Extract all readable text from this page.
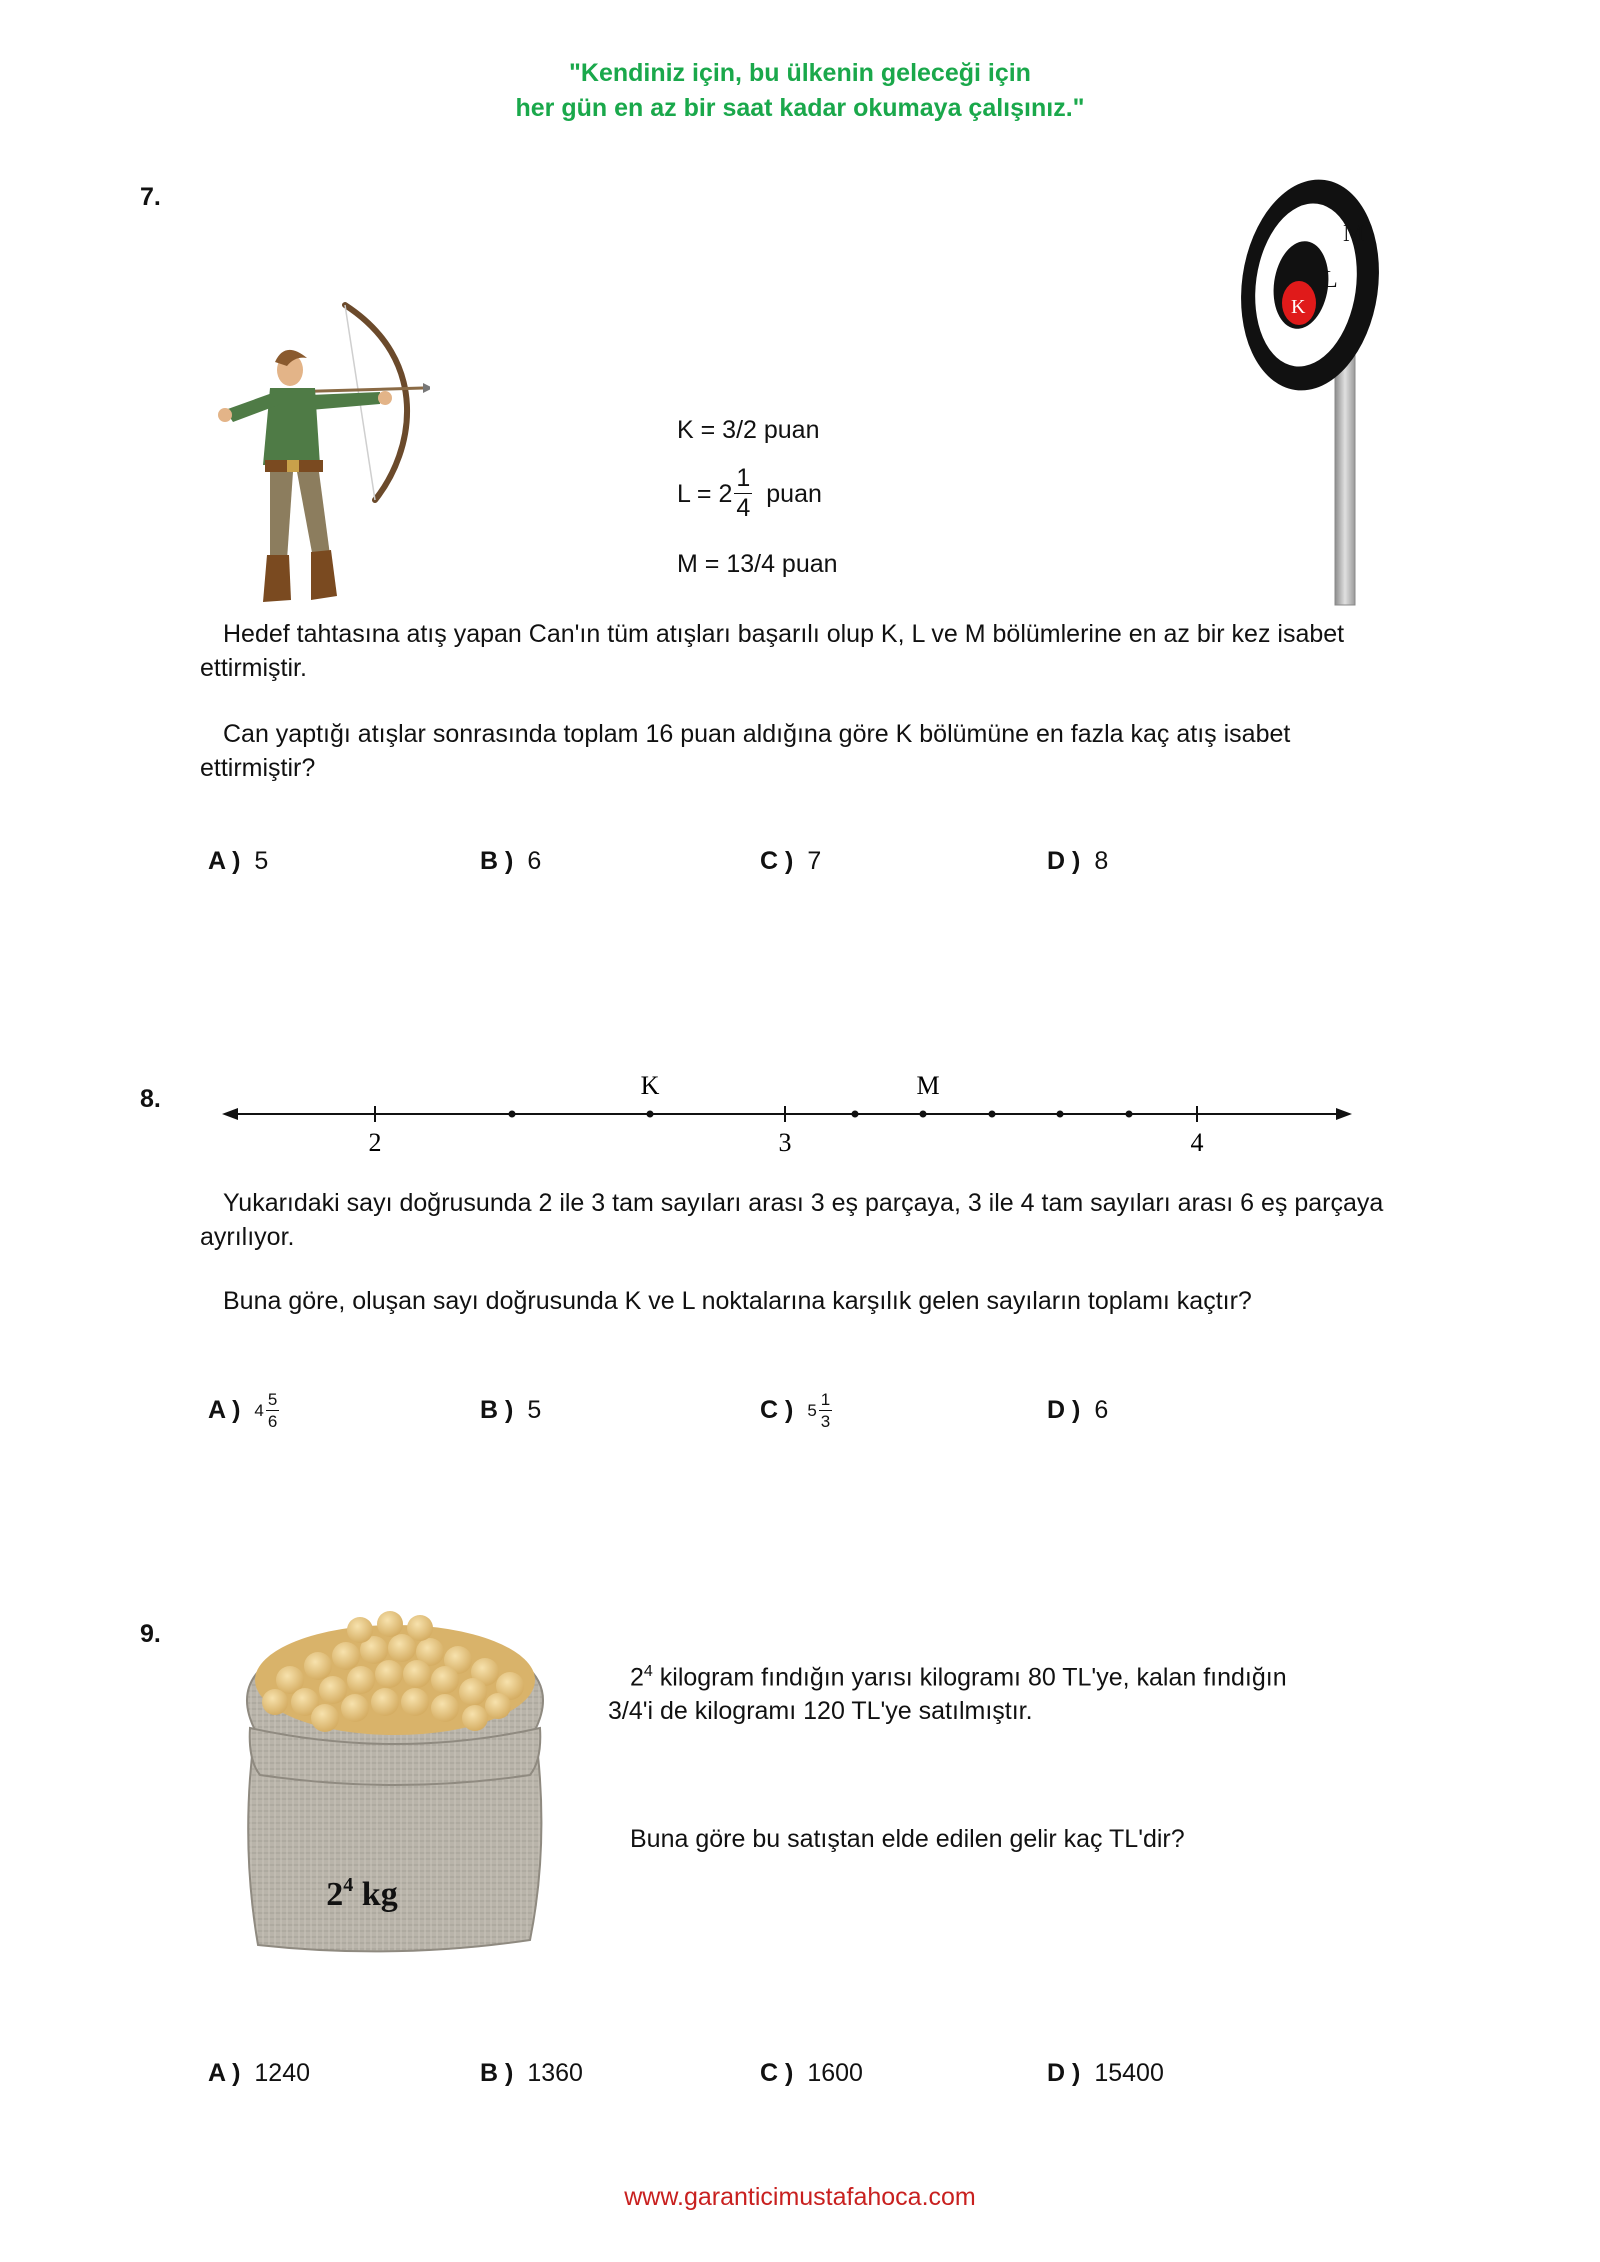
"Kendiniz için, bu ülkenin geleceği için
her gün en az bir saat kadar okumaya çalışınız."
7.
K = 3/2 puan
$L = 2 \frac{1}{4}$ puan
M = 13/4 puan
M
L
K
Hedef tahtasına atış yapan Can'ın tüm atışları başarılı olup K, L ve M bölümlerine en az bir kez isabet ettirmiştir.
Can yaptığı atışlar sonrasında toplam 16 puan aldığına göre K bölümüne en fazla kaç atış isabet ettirmiştir?
A ) 5	B ) 6	C ) 7	D ) 8
8.	K	M
2	3	4
Yukarıdaki sayı doğrusunda 2 ile 3 tam sayıları arası 3 eş parçaya, 3 ile 4 tam sayıları arası 6 eş parçaya ayrılıyor.
Buna göre, oluşan sayı doğrusunda K ve L noktalarına karşılık gelen sayıların toplamı kaçtır?
A ) $4 \frac{5}{6}$	B ) 5	C ) $5 \frac{1}{3}$	D ) 6
9.
$2^4$ kg
$2^4$ kilogram fındığın yarısı kilogramı 80 TL'ye, kalan fındığın
3/4'i de kilogramı 120 TL'ye satılmıştır.
Buna göre bu satıştan elde edilen gelir kaç TL'dir?
A ) 1240	B ) 1360	C ) 1600	D ) 15400
www.garanticimustafahoca.com
